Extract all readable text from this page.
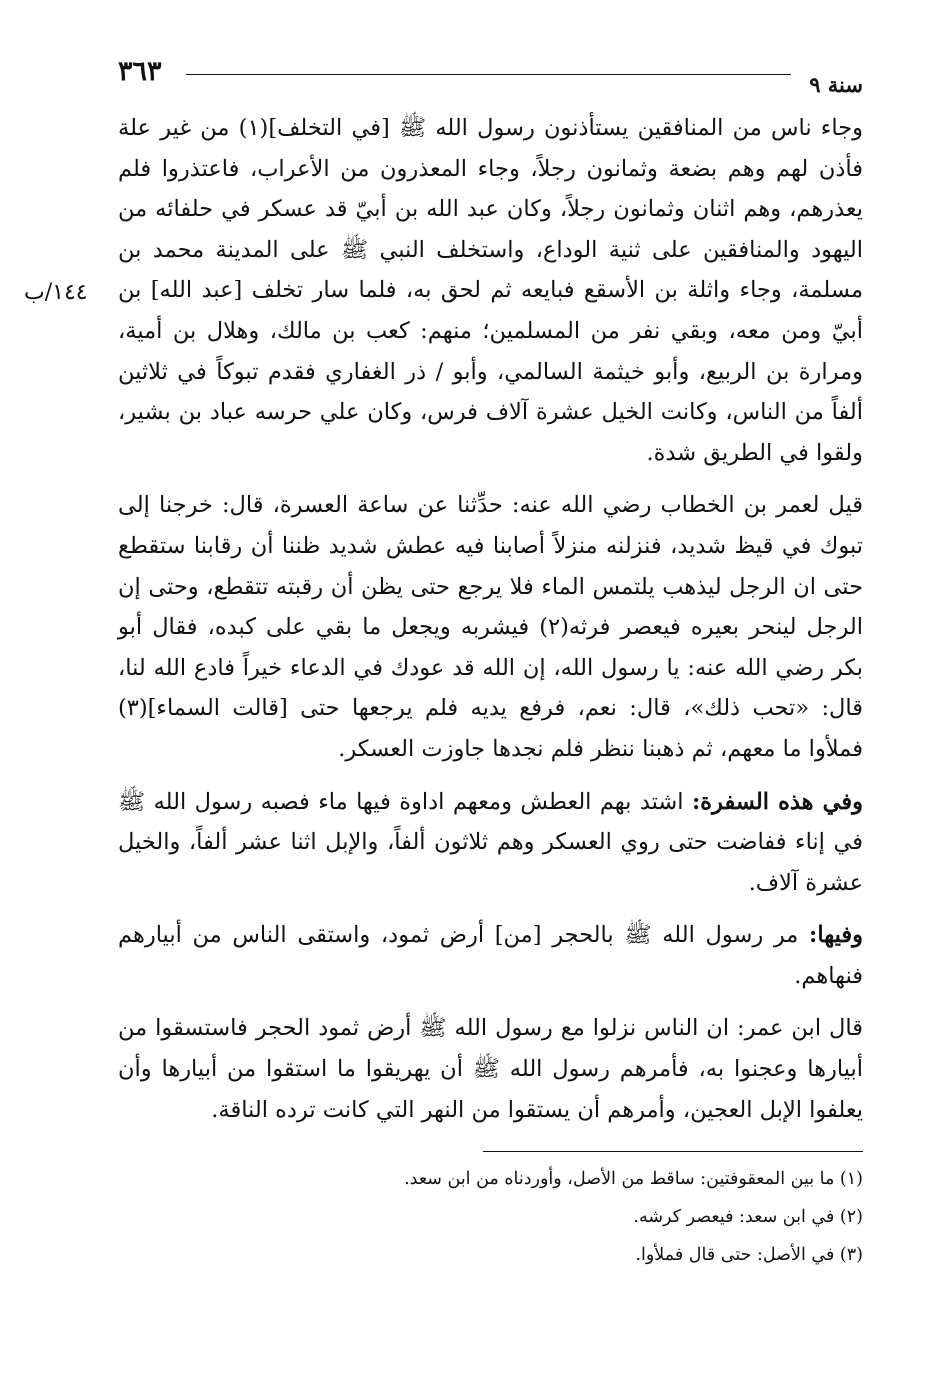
٣٦٣	سنة ٩
١٤٤/ب

وجاء ناس من المنافقين يستأذنون رسول الله ﷺ [في التخلف](١) من غير علة فأذن لهم وهم بضعة وثمانون رجلاً، وجاء المعذرون من الأعراب، فاعتذروا فلم يعذرهم، وهم اثنان وثمانون رجلاً، وكان عبد الله بن أبيّ قد عسكر في حلفائه من اليهود والمنافقين على ثنية الوداع، واستخلف النبي ﷺ على المدينة محمد بن مسلمة، وجاء واثلة بن الأسقع فبايعه ثم لحق به، فلما سار تخلف [عبد الله] بن أبيّ ومن معه، وبقي نفر من المسلمين؛ منهم: كعب بن مالك، وهلال بن أمية، ومرارة بن الربيع، وأبو خيثمة السالمي، وأبو / ذر الغفاري فقدم تبوكاً في ثلاثين ألفاً من الناس، وكانت الخيل عشرة آلاف فرس، وكان علي حرسه عباد بن بشير، ولقوا في الطريق شدة.

قيل لعمر بن الخطاب رضي الله عنه: حدِّثنا عن ساعة العسرة، قال: خرجنا إلى تبوك في قيظ شديد، فنزلنه منزلاً أصابنا فيه عطش شديد ظننا أن رقابنا ستقطع حتى ان الرجل ليذهب يلتمس الماء فلا يرجع حتى يظن أن رقبته تتقطع، وحتى إن الرجل لينحر بعيره فيعصر فرثه(٢) فيشربه ويجعل ما بقي على كبده، فقال أبو بكر رضي الله عنه: يا رسول الله، إن الله قد عودك في الدعاء خيراً فادع الله لنا، قال: «تحب ذلك»، قال: نعم، فرفع يديه فلم يرجعها حتى [قالت السماء](٣) فملأوا ما معهم، ثم ذهبنا ننظر فلم نجدها جاوزت العسكر.

وفي هذه السفرة: اشتد بهم العطش ومعهم اداوة فيها ماء فصبه رسول الله ﷺ في إناء ففاضت حتى روي العسكر وهم ثلاثون ألفاً، والإبل اثنا عشر ألفاً، والخيل عشرة آلاف.

وفيها: مر رسول الله ﷺ بالحجر [من] أرض ثمود، واستقى الناس من أبيارهم فنهاهم.

قال ابن عمر: ان الناس نزلوا مع رسول الله ﷺ أرض ثمود الحجر فاستسقوا من أبيارها وعجنوا به، فأمرهم رسول الله ﷺ أن يهريقوا ما استقوا من أبيارها وأن يعلفوا الإبل العجين، وأمرهم أن يستقوا من النهر التي كانت ترده الناقة.

(١) ما بين المعقوفتين: ساقط من الأصل، وأوردناه من ابن سعد.

(٢) في ابن سعد: فيعصر كرشه.

(٣) في الأصل: حتى قال فملأوا.
